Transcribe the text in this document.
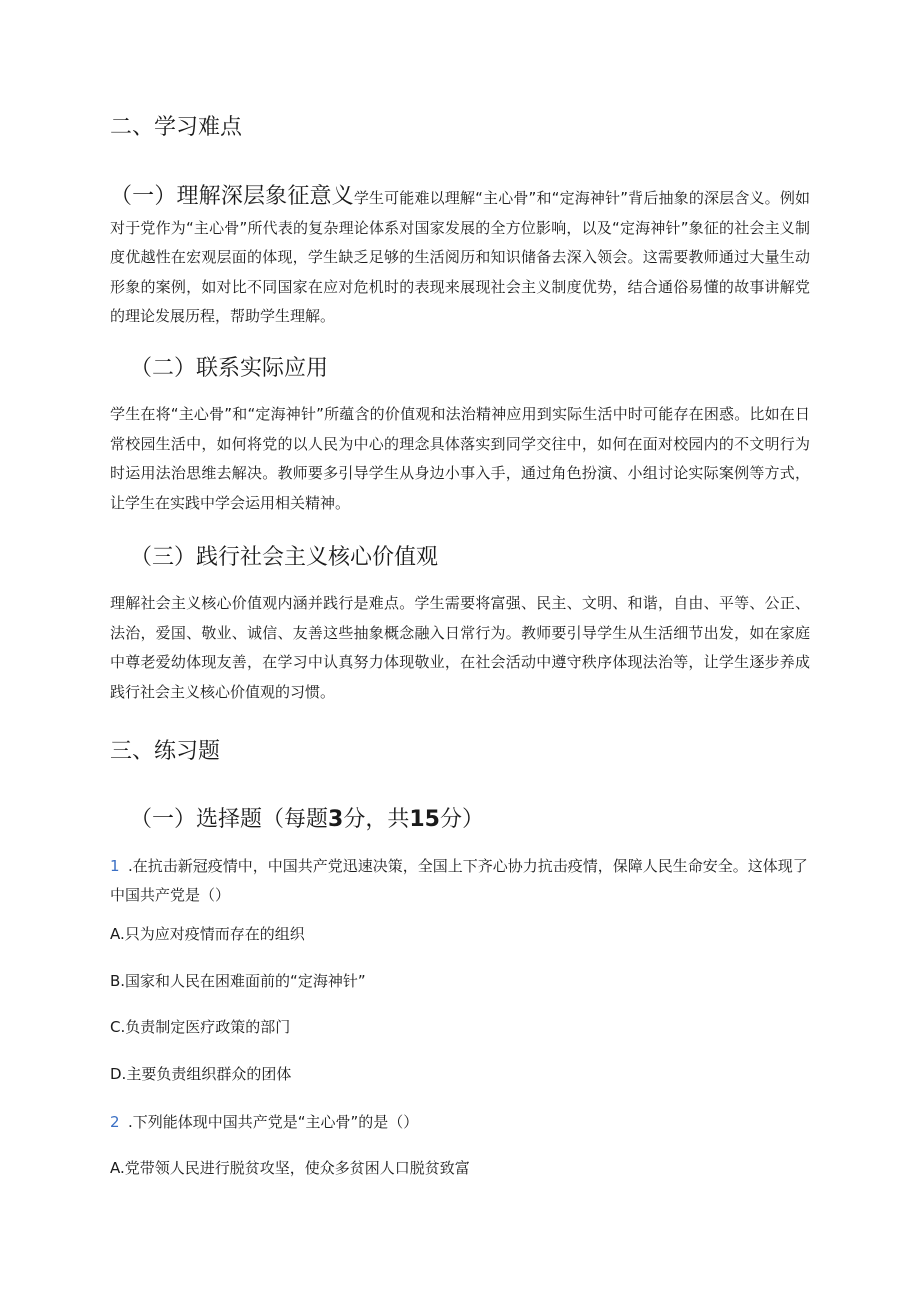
二、学习难点
（一）理解深层象征意义学生可能难以理解“主心骨”和“定海神针”背后抽象的深层含义。例如对于党作为“主心骨”所代表的复杂理论体系对国家发展的全方位影响，以及“定海神针”象征的社会主义制度优越性在宏观层面的体现，学生缺乏足够的生活阅历和知识储备去深入领会。这需要教师通过大量生动形象的案例，如对比不同国家在应对危机时的表现来展现社会主义制度优势，结合通俗易懂的故事讲解党的理论发展历程，帮助学生理解。
（二）联系实际应用
学生在将“主心骨”和“定海神针”所蕴含的价值观和法治精神应用到实际生活中时可能存在困惑。比如在日常校园生活中，如何将党的以人民为中心的理念具体落实到同学交往中，如何在面对校园内的不文明行为时运用法治思维去解决。教师要多引导学生从身边小事入手，通过角色扮演、小组讨论实际案例等方式，让学生在实践中学会运用相关精神。
（三）践行社会主义核心价值观
理解社会主义核心价值观内涵并践行是难点。学生需要将富强、民主、文明、和谐，自由、平等、公正、法治，爱国、敬业、诚信、友善这些抽象概念融入日常行为。教师要引导学生从生活细节出发，如在家庭中尊老爱幼体现友善，在学习中认真努力体现敬业，在社会活动中遵守秩序体现法治等，让学生逐步养成践行社会主义核心价值观的习惯。
三、练习题
（一）选择题（每题3分，共15分）
1 .在抗击新冠疫情中，中国共产党迅速决策，全国上下齐心协力抗击疫情，保障人民生命安全。这体现了中国共产党是（）
A.只为应对疫情而存在的组织
B.国家和人民在困难面前的“定海神针”
C.负责制定医疗政策的部门
D.主要负责组织群众的团体
2 .下列能体现中国共产党是“主心骨”的是（）
A.党带领人民进行脱贫攻坚，使众多贫困人口脱贫致富
